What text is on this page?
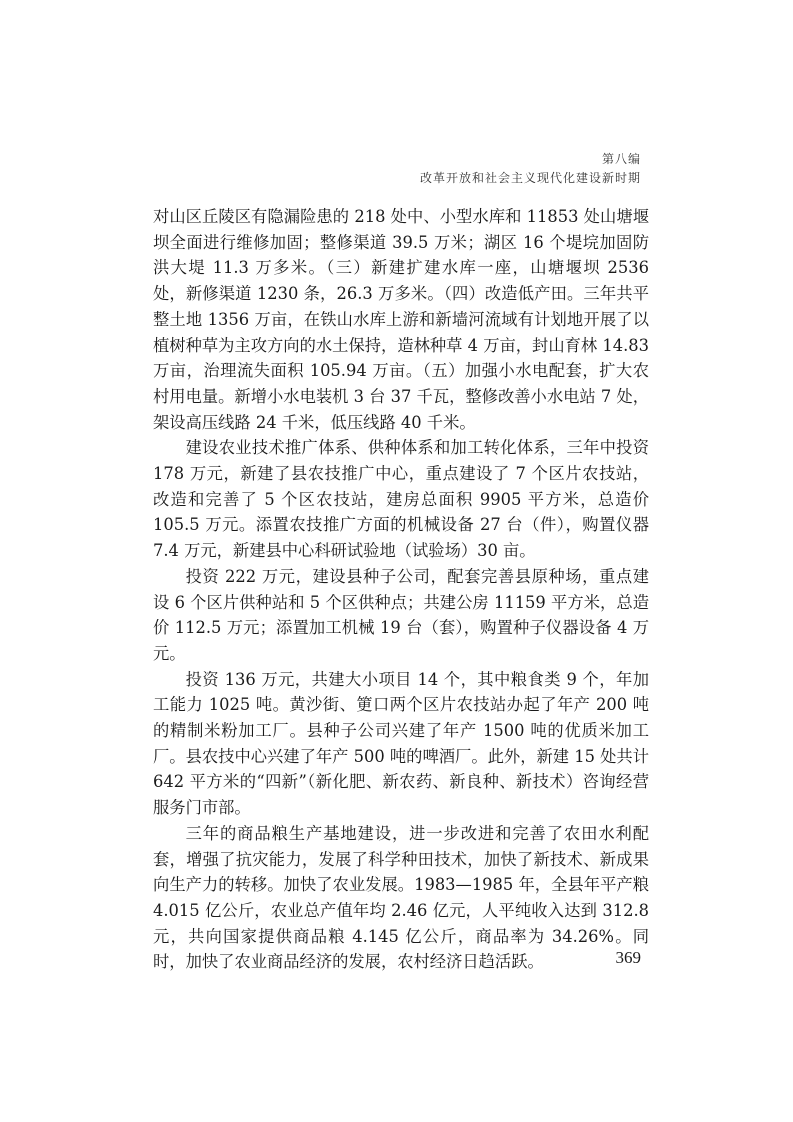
第八编
改革开放和社会主义现代化建设新时期

对山区丘陵区有隐漏险患的 218 处中、小型水库和 11853 处山塘堰坝全面进行维修加固；整修渠道 39.5 万米；湖区 16 个堤垸加固防洪大堤 11.3 万多米。（三）新建扩建水库一座，山塘堰坝 2536 处，新修渠道 1230 条，26.3 万多米。（四）改造低产田。三年共平整土地 1356 万亩，在铁山水库上游和新墙河流域有计划地开展了以植树种草为主攻方向的水土保持，造林种草 4 万亩，封山育林 14.83 万亩，治理流失面积 105.94 万亩。（五）加强小水电配套，扩大农村用电量。新增小水电装机 3 台 37 千瓦，整修改善小水电站 7 处，架设高压线路 24 千米，低压线路 40 千米。

建设农业技术推广体系、供种体系和加工转化体系，三年中投资 178 万元，新建了县农技推广中心，重点建设了 7 个区片农技站，改造和完善了 5 个区农技站，建房总面积 9905 平方米，总造价 105.5 万元。添置农技推广方面的机械设备 27 台（件），购置仪器 7.4 万元，新建县中心科研试验地（试验场）30 亩。

投资 222 万元，建设县种子公司，配套完善县原种场，重点建设 6 个区片供种站和 5 个区供种点；共建公房 11159 平方米，总造价 112.5 万元；添置加工机械 19 台（套），购置种子仪器设备 4 万元。

投资 136 万元，共建大小项目 14 个，其中粮食类 9 个，年加工能力 1025 吨。黄沙街、筻口两个区片农技站办起了年产 200 吨的精制米粉加工厂。县种子公司兴建了年产 1500 吨的优质米加工厂。县农技中心兴建了年产 500 吨的啤酒厂。此外，新建 15 处共计 642 平方米的“四新”（新化肥、新农药、新良种、新技术）咨询经营服务门市部。

三年的商品粮生产基地建设，进一步改进和完善了农田水利配套，增强了抗灾能力，发展了科学种田技术，加快了新技术、新成果向生产力的转移。加快了农业发展。1983—1985 年，全县年平产粮 4.015 亿公斤，农业总产值年均 2.46 亿元，人平纯收入达到 312.8 元，共向国家提供商品粮 4.145 亿公斤，商品率为 34.26%。同时，加快了农业商品经济的发展，农村经济日趋活跃。	369
